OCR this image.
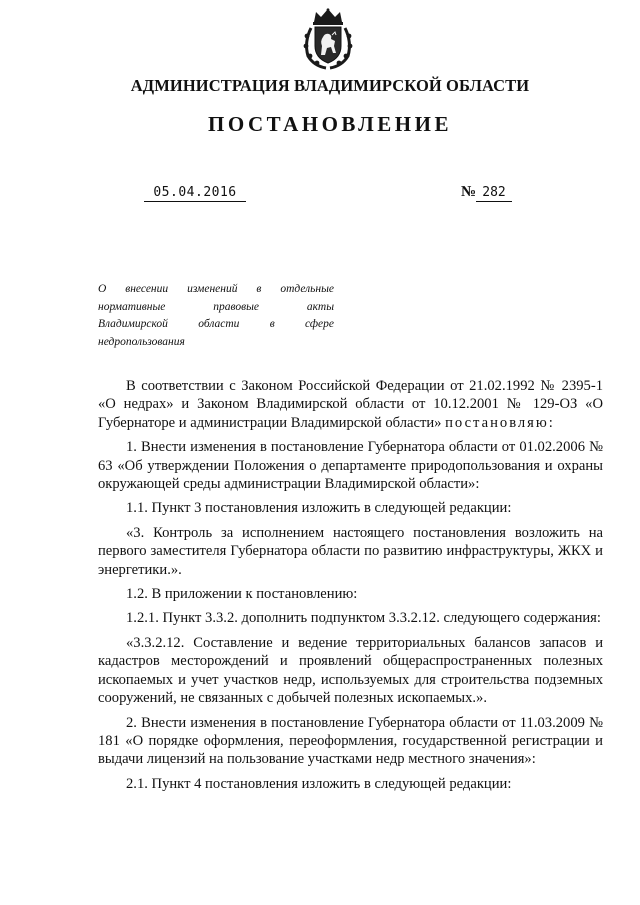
АДМИНИСТРАЦИЯ ВЛАДИМИРСКОЙ ОБЛАСТИ
ПОСТАНОВЛЕНИЕ
05.04.2016	№ 282
О внесении изменений в отдельные
нормативные правовые акты
Владимирской области в сфере
недропользования

В соответствии с Законом Российской Федерации от 21.02.1992 № 2395-1 «О недрах» и Законом Владимирской области от 10.12.2001 № 129-ОЗ «О Губернаторе и администрации Владимирской области» постановляю:

1. Внести изменения в постановление Губернатора области от 01.02.2006 № 63 «Об утверждении Положения о департаменте природопользования и охраны окружающей среды администрации Владимирской области»:

1.1. Пункт 3 постановления изложить в следующей редакции:

«3. Контроль за исполнением настоящего постановления возложить на первого заместителя Губернатора области по развитию инфраструктуры, ЖКХ и энергетики.».

1.2. В приложении к постановлению:

1.2.1. Пункт 3.3.2. дополнить подпунктом 3.3.2.12. следующего содержания:

«3.3.2.12. Составление и ведение территориальных балансов запасов и кадастров месторождений и проявлений общераспространенных полезных ископаемых и учет участков недр, используемых для строительства подземных сооружений, не связанных с добычей полезных ископаемых.».

2. Внести изменения в постановление Губернатора области от 11.03.2009 № 181 «О порядке оформления, переоформления, государственной регистрации и выдачи лицензий на пользование участками недр местного значения»:

2.1. Пункт 4 постановления изложить в следующей редакции:
